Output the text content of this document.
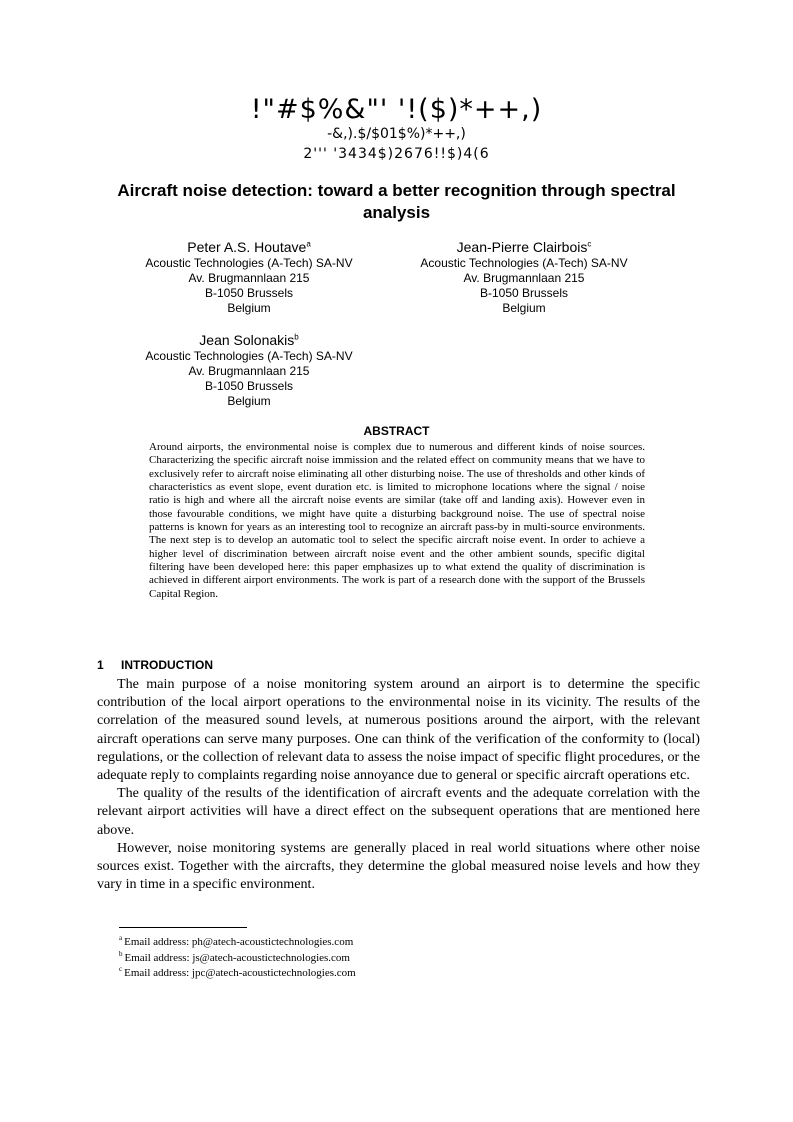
!"#$%&"' '!($)*++,)
-&,).$/$01$%)*++,)
2''' '3434$)2676!!$)4(6
Aircraft noise detection: toward a better recognition through spectral analysis
Peter A.S. Houtave$^a$
Acoustic Technologies (A-Tech) SA-NV
Av. Brugmannlaan 215
B-1050 Brussels
Belgium
Jean-Pierre Clairbois$^c$
Acoustic Technologies (A-Tech) SA-NV
Av. Brugmannlaan 215
B-1050 Brussels
Belgium
Jean Solonakis$^b$
Acoustic Technologies (A-Tech) SA-NV
Av. Brugmannlaan 215
B-1050 Brussels
Belgium
ABSTRACT

Around airports, the environmental noise is complex due to numerous and different kinds of noise sources. Characterizing the specific aircraft noise immission and the related effect on community means that we have to exclusively refer to aircraft noise eliminating all other disturbing noise. The use of thresholds and other kinds of characteristics as event slope, event duration etc. is limited to microphone locations where the signal / noise ratio is high and where all the aircraft noise events are similar (take off and landing axis). However even in those favourable conditions, we might have quite a disturbing background noise. The use of spectral noise patterns is known for years as an interesting tool to recognize an aircraft pass-by in multi-source environments. The next step is to develop an automatic tool to select the specific aircraft noise event. In order to achieve a higher level of discrimination between aircraft noise event and the other ambient sounds, specific digital filtering have been developed here: this paper emphasizes up to what extend the quality of discrimination is achieved in different airport environments. The work is part of a research done with the support of the Brussels Capital Region.

1 INTRODUCTION

The main purpose of a noise monitoring system around an airport is to determine the specific contribution of the local airport operations to the environmental noise in its vicinity. The results of the correlation of the measured sound levels, at numerous positions around the airport, with the relevant aircraft operations can serve many purposes. One can think of the verification of the conformity to (local) regulations, or the collection of relevant data to assess the noise impact of specific flight procedures, or the adequate reply to complaints regarding noise annoyance due to general or specific aircraft operations etc.

The quality of the results of the identification of aircraft events and the adequate correlation with the relevant airport activities will have a direct effect on the subsequent operations that are mentioned here above.

However, noise monitoring systems are generally placed in real world situations where other noise sources exist. Together with the aircrafts, they determine the global measured noise levels and how they vary in time in a specific environment.

$^a$ Email address: ph@atech-acoustictechnologies.com
$^b$ Email address: js@atech-acoustictechnologies.com
$^c$ Email address: jpc@atech-acoustictechnologies.com
